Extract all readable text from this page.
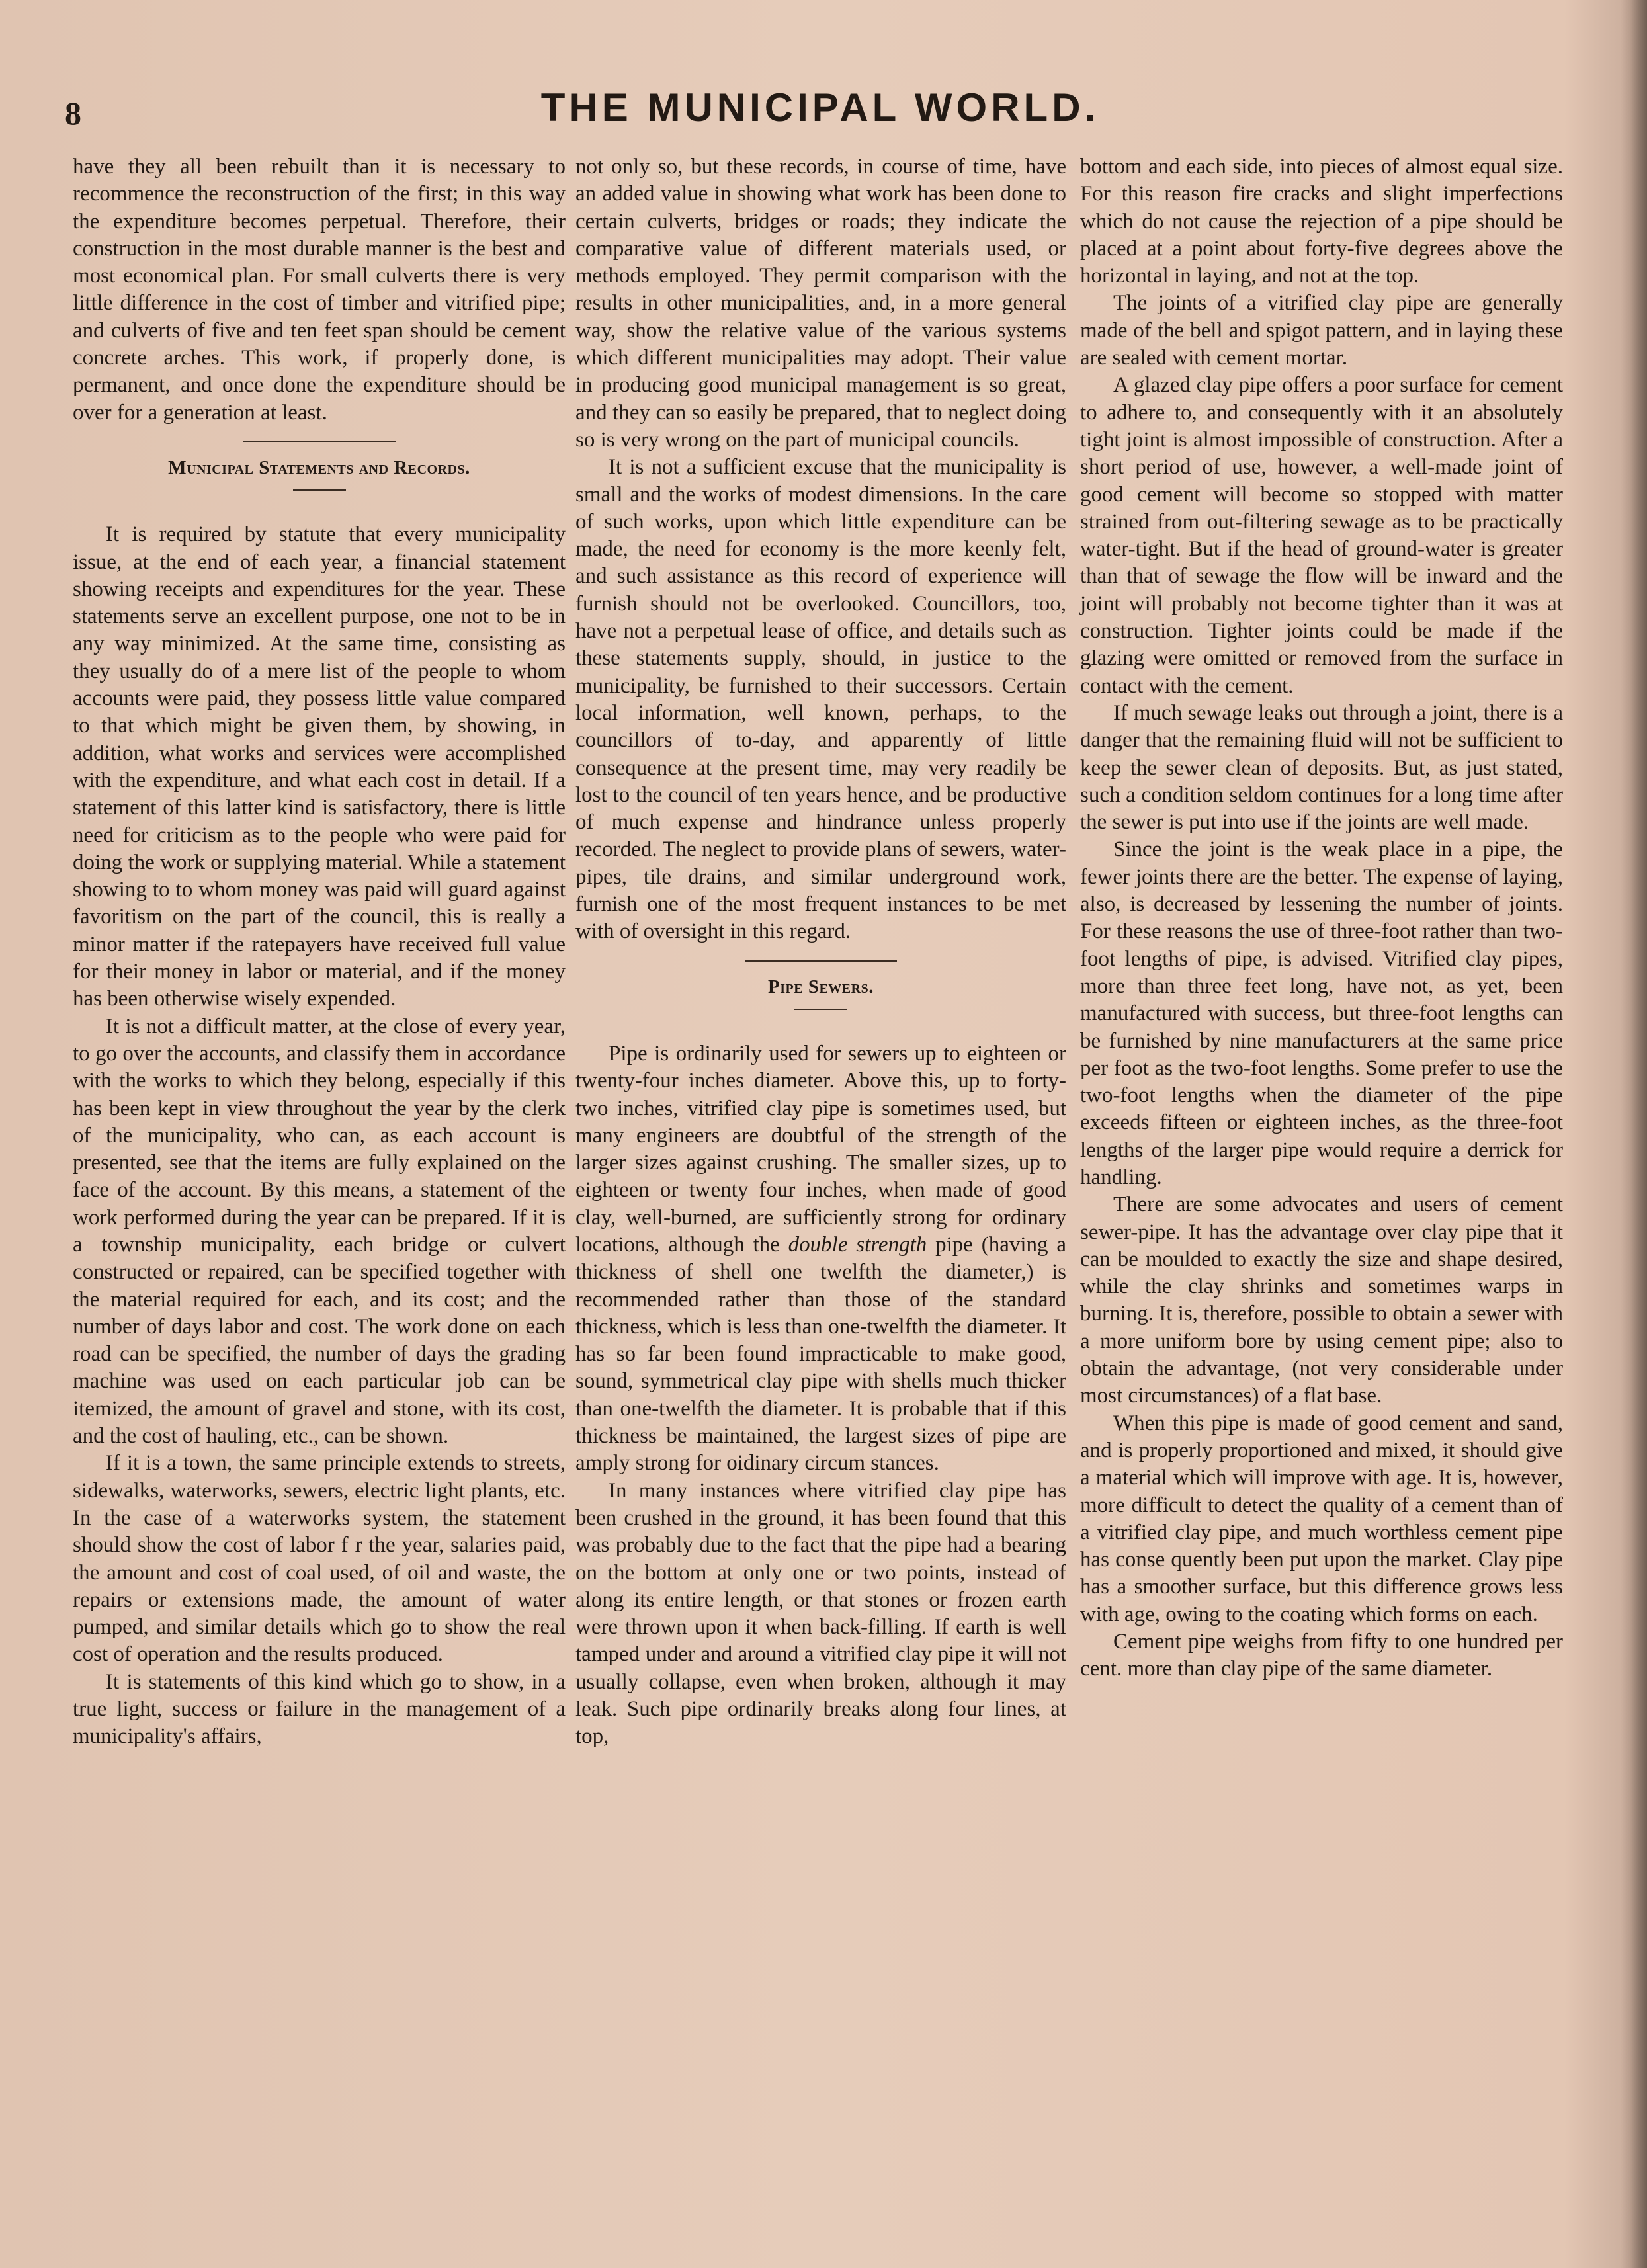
8	THE MUNICIPAL WORLD.

have they all been rebuilt than it is necessary to recommence the reconstruction of the first; in this way the expenditure becomes perpetual. Therefore, their construction in the most durable manner is the best and most economical plan. For small culverts there is very little difference in the cost of timber and vitrified pipe; and culverts of five and ten feet span should be cement concrete arches. This work, if properly done, is permanent, and once done the expenditure should be over for a generation at least.

Municipal Statements and Records.

It is required by statute that every municipality issue, at the end of each year, a financial statement showing receipts and expenditures for the year. These statements serve an excellent purpose, one not to be in any way minimized. At the same time, consisting as they usually do of a mere list of the people to whom accounts were paid, they possess little value compared to that which might be given them, by showing, in addition, what works and services were accomplished with the expenditure, and what each cost in detail. If a statement of this latter kind is satisfactory, there is little need for criticism as to the people who were paid for doing the work or supplying material. While a statement showing to to whom money was paid will guard against favoritism on the part of the council, this is really a minor matter if the ratepayers have received full value for their money in labor or material, and if the money has been otherwise wisely expended.

It is not a difficult matter, at the close of every year, to go over the accounts, and classify them in accordance with the works to which they belong, especially if this has been kept in view throughout the year by the clerk of the municipality, who can, as each account is presented, see that the items are fully explained on the face of the account. By this means, a statement of the work performed during the year can be prepared. If it is a township municipality, each bridge or culvert constructed or repaired, can be specified together with the material required for each, and its cost; and the number of days labor and cost. The work done on each road can be specified, the number of days the grading machine was used on each particular job can be itemized, the amount of gravel and stone, with its cost, and the cost of hauling, etc., can be shown.

If it is a town, the same principle extends to streets, sidewalks, waterworks, sewers, electric light plants, etc. In the case of a waterworks system, the statement should show the cost of labor f r the year, salaries paid, the amount and cost of coal used, of oil and waste, the repairs or extensions made, the amount of water pumped, and similar details which go to show the real cost of operation and the results produced.

It is statements of this kind which go to show, in a true light, success or failure in the management of a municipality's affairs,

not only so, but these records, in course of time, have an added value in showing what work has been done to certain culverts, bridges or roads; they indicate the comparative value of different materials used, or methods employed. They permit comparison with the results in other municipalities, and, in a more general way, show the relative value of the various systems which different municipalities may adopt. Their value in producing good municipal management is so great, and they can so easily be prepared, that to neglect doing so is very wrong on the part of municipal councils.

It is not a sufficient excuse that the municipality is small and the works of modest dimensions. In the care of such works, upon which little expenditure can be made, the need for economy is the more keenly felt, and such assistance as this record of experience will furnish should not be overlooked. Councillors, too, have not a perpetual lease of office, and details such as these statements supply, should, in justice to the municipality, be furnished to their successors. Certain local information, well known, perhaps, to the councillors of to-day, and apparently of little consequence at the present time, may very readily be lost to the council of ten years hence, and be productive of much expense and hindrance unless properly recorded. The neglect to provide plans of sewers, water-pipes, tile drains, and similar underground work, furnish one of the most frequent instances to be met with of oversight in this regard.

Pipe Sewers.

Pipe is ordinarily used for sewers up to eighteen or twenty-four inches diameter. Above this, up to forty-two inches, vitrified clay pipe is sometimes used, but many engineers are doubtful of the strength of the larger sizes against crushing. The smaller sizes, up to eighteen or twenty four inches, when made of good clay, well-burned, are sufficiently strong for ordinary locations, although the double strength pipe (having a thickness of shell one twelfth the diameter,) is recommended rather than those of the standard thickness, which is less than one-twelfth the diameter. It has so far been found impracticable to make good, sound, symmetrical clay pipe with shells much thicker than one-twelfth the diameter. It is probable that if this thickness be maintained, the largest sizes of pipe are amply strong for oidinary circum stances.

In many instances where vitrified clay pipe has been crushed in the ground, it has been found that this was probably due to the fact that the pipe had a bearing on the bottom at only one or two points, instead of along its entire length, or that stones or frozen earth were thrown upon it when back-filling. If earth is well tamped under and around a vitrified clay pipe it will not usually collapse, even when broken, although it may leak. Such pipe ordinarily breaks along four lines, at top,

bottom and each side, into pieces of almost equal size. For this reason fire cracks and slight imperfections which do not cause the rejection of a pipe should be placed at a point about forty-five degrees above the horizontal in laying, and not at the top.

The joints of a vitrified clay pipe are generally made of the bell and spigot pattern, and in laying these are sealed with cement mortar.

A glazed clay pipe offers a poor surface for cement to adhere to, and consequently with it an absolutely tight joint is almost impossible of construction. After a short period of use, however, a well-made joint of good cement will become so stopped with matter strained from out-filtering sewage as to be practically water-tight. But if the head of ground-water is greater than that of sewage the flow will be inward and the joint will probably not become tighter than it was at construction. Tighter joints could be made if the glazing were omitted or removed from the surface in contact with the cement.

If much sewage leaks out through a joint, there is a danger that the remaining fluid will not be sufficient to keep the sewer clean of deposits. But, as just stated, such a condition seldom continues for a long time after the sewer is put into use if the joints are well made.

Since the joint is the weak place in a pipe, the fewer joints there are the better. The expense of laying, also, is decreased by lessening the number of joints. For these reasons the use of three-foot rather than two-foot lengths of pipe, is advised. Vitrified clay pipes, more than three feet long, have not, as yet, been manufactured with success, but three-foot lengths can be furnished by nine manufacturers at the same price per foot as the two-foot lengths. Some prefer to use the two-foot lengths when the diameter of the pipe exceeds fifteen or eighteen inches, as the three-foot lengths of the larger pipe would require a derrick for handling.

There are some advocates and users of cement sewer-pipe. It has the advantage over clay pipe that it can be moulded to exactly the size and shape desired, while the clay shrinks and sometimes warps in burning. It is, therefore, possible to obtain a sewer with a more uniform bore by using cement pipe; also to obtain the advantage, (not very considerable under most circumstances) of a flat base.

When this pipe is made of good cement and sand, and is properly proportioned and mixed, it should give a material which will improve with age. It is, however, more difficult to detect the quality of a cement than of a vitrified clay pipe, and much worthless cement pipe has conse quently been put upon the market. Clay pipe has a smoother surface, but this difference grows less with age, owing to the coating which forms on each.

Cement pipe weighs from fifty to one hundred per cent. more than clay pipe of the same diameter.
